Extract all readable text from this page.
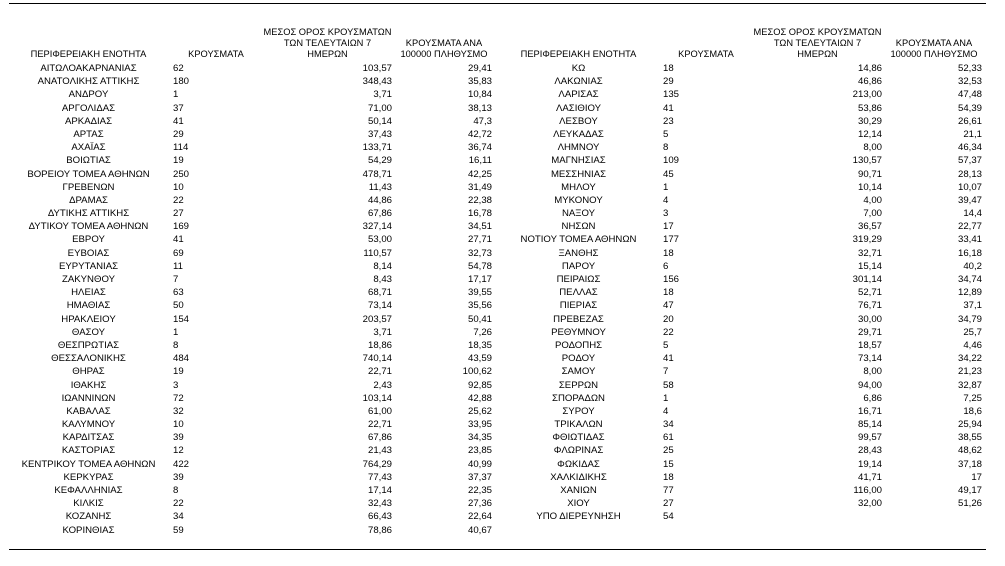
ΠΕΡΙΦΕΡΕΙΑΚΗ ΕΝΟΤΗΤΑ	ΚΡΟΥΣΜΑΤΑ	ΜΕΣΟΣ ΟΡΟΣ ΚΡΟΥΣΜΑΤΩΝ ΤΩΝ ΤΕΛΕΥΤΑΙΩΝ 7 ΗΜΕΡΩΝ	ΚΡΟΥΣΜΑΤΑ ΑΝΑ 100000 ΠΛΗΘΥΣΜΟ
ΑΙΤΩΛΟΑΚΑΡΝΑΝΙΑΣ	62	103,57	29,41
ΑΝΑΤΟΛΙΚΗΣ ΑΤΤΙΚΗΣ	180	348,43	35,83
ΑΝΔΡΟΥ	1	3,71	10,84
ΑΡΓΟΛΙΔΑΣ	37	71,00	38,13
ΑΡΚΑΔΙΑΣ	41	50,14	47,3
ΑΡΤΑΣ	29	37,43	42,72
ΑΧΑΪΑΣ	114	133,71	36,74
ΒΟΙΩΤΙΑΣ	19	54,29	16,11
ΒΟΡΕΙΟΥ ΤΟΜΕΑ ΑΘΗΝΩΝ	250	478,71	42,25
ΓΡΕΒΕΝΩΝ	10	11,43	31,49
ΔΡΑΜΑΣ	22	44,86	22,38
ΔΥΤΙΚΗΣ ΑΤΤΙΚΗΣ	27	67,86	16,78
ΔΥΤΙΚΟΥ ΤΟΜΕΑ ΑΘΗΝΩΝ	169	327,14	34,51
ΕΒΡΟΥ	41	53,00	27,71
ΕΥΒΟΙΑΣ	69	110,57	32,73
ΕΥΡΥΤΑΝΙΑΣ	11	8,14	54,78
ΖΑΚΥΝΘΟΥ	7	8,43	17,17
ΗΛΕΙΑΣ	63	68,71	39,55
ΗΜΑΘΙΑΣ	50	73,14	35,56
ΗΡΑΚΛΕΙΟΥ	154	203,57	50,41
ΘΑΣΟΥ	1	3,71	7,26
ΘΕΣΠΡΩΤΙΑΣ	8	18,86	18,35
ΘΕΣΣΑΛΟΝΙΚΗΣ	484	740,14	43,59
ΘΗΡΑΣ	19	22,71	100,62
ΙΘΑΚΗΣ	3	2,43	92,85
ΙΩΑΝΝΙΝΩΝ	72	103,14	42,88
ΚΑΒΑΛΑΣ	32	61,00	25,62
ΚΑΛΥΜΝΟΥ	10	22,71	33,95
ΚΑΡΔΙΤΣΑΣ	39	67,86	34,35
ΚΑΣΤΟΡΙΑΣ	12	21,43	23,85
ΚΕΝΤΡΙΚΟΥ ΤΟΜΕΑ ΑΘΗΝΩΝ	422	764,29	40,99
ΚΕΡΚΥΡΑΣ	39	77,43	37,37
ΚΕΦΑΛΛΗΝΙΑΣ	8	17,14	22,35
ΚΙΛΚΙΣ	22	32,43	27,36
ΚΟΖΑΝΗΣ	34	66,43	22,64
ΚΟΡΙΝΘΙΑΣ	59	78,86	40,67
ΠΕΡΙΦΕΡΕΙΑΚΗ ΕΝΟΤΗΤΑ	ΚΡΟΥΣΜΑΤΑ	ΜΕΣΟΣ ΟΡΟΣ ΚΡΟΥΣΜΑΤΩΝ ΤΩΝ ΤΕΛΕΥΤΑΙΩΝ 7 ΗΜΕΡΩΝ	ΚΡΟΥΣΜΑΤΑ ΑΝΑ 100000 ΠΛΗΘΥΣΜΟ
ΚΩ	18	14,86	52,33
ΛΑΚΩΝΙΑΣ	29	46,86	32,53
ΛΑΡΙΣΑΣ	135	213,00	47,48
ΛΑΣΙΘΙΟΥ	41	53,86	54,39
ΛΕΣΒΟΥ	23	30,29	26,61
ΛΕΥΚΑΔΑΣ	5	12,14	21,1
ΛΗΜΝΟΥ	8	8,00	46,34
ΜΑΓΝΗΣΙΑΣ	109	130,57	57,37
ΜΕΣΣΗΝΙΑΣ	45	90,71	28,13
ΜΗΛΟΥ	1	10,14	10,07
ΜΥΚΟΝΟΥ	4	4,00	39,47
ΝΑΞΟΥ	3	7,00	14,4
ΝΗΣΩΝ	17	36,57	22,77
ΝΟΤΙΟΥ ΤΟΜΕΑ ΑΘΗΝΩΝ	177	319,29	33,41
ΞΑΝΘΗΣ	18	32,71	16,18
ΠΑΡΟΥ	6	15,14	40,2
ΠΕΙΡΑΙΩΣ	156	301,14	34,74
ΠΕΛΛΑΣ	18	52,71	12,89
ΠΙΕΡΙΑΣ	47	76,71	37,1
ΠΡΕΒΕΖΑΣ	20	30,00	34,79
ΡΕΘΥΜΝΟΥ	22	29,71	25,7
ΡΟΔΟΠΗΣ	5	18,57	4,46
ΡΟΔΟΥ	41	73,14	34,22
ΣΑΜΟΥ	7	8,00	21,23
ΣΕΡΡΩΝ	58	94,00	32,87
ΣΠΟΡΑΔΩΝ	1	6,86	7,25
ΣΥΡΟΥ	4	16,71	18,6
ΤΡΙΚΑΛΩΝ	34	85,14	25,94
ΦΘΙΩΤΙΔΑΣ	61	99,57	38,55
ΦΛΩΡΙΝΑΣ	25	28,43	48,62
ΦΩΚΙΔΑΣ	15	19,14	37,18
ΧΑΛΚΙΔΙΚΗΣ	18	41,71	17
ΧΑΝΙΩΝ	77	116,00	49,17
ΧΙΟΥ	27	32,00	51,26
ΥΠΟ ΔΙΕΡΕΥΝΗΣΗ	54		
